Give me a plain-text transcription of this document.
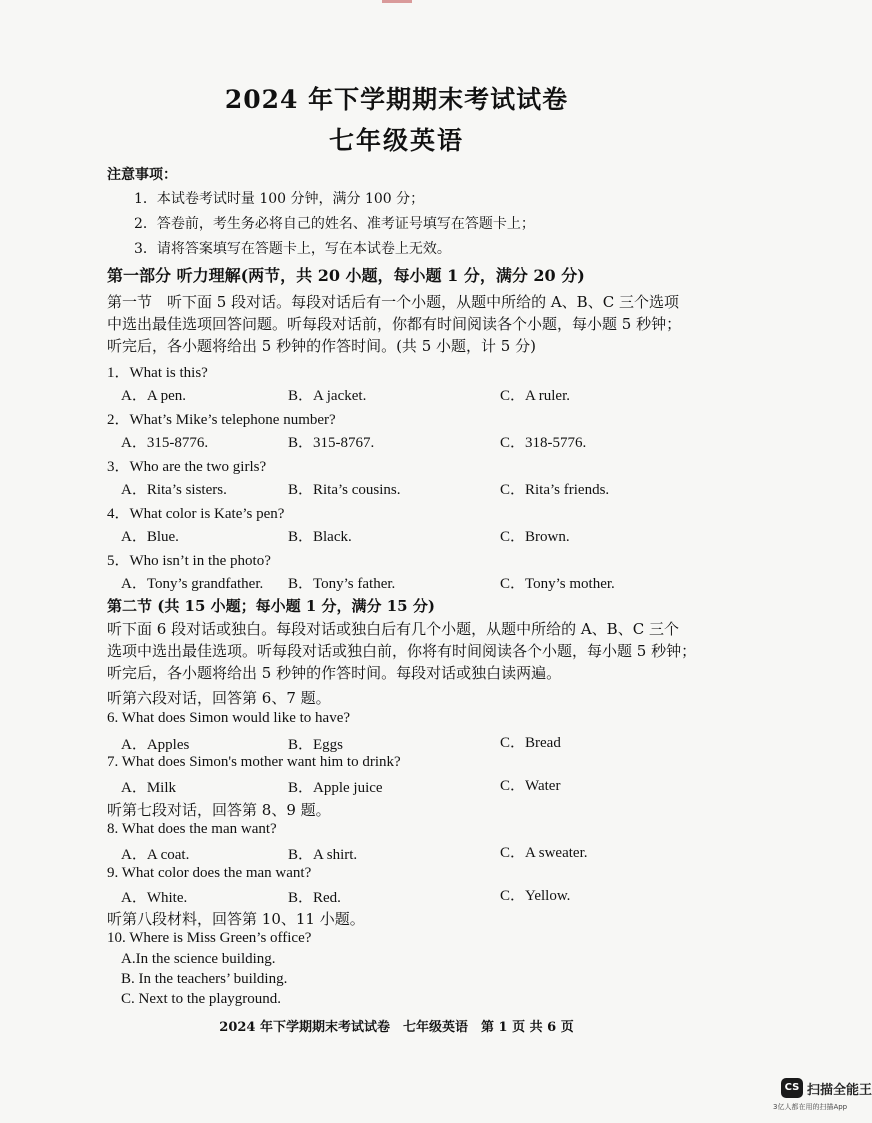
2024 年下学期期末考试试卷
七年级英语
注意事项：
1．本试卷考试时量 100 分钟，满分 100 分；
2．答卷前，考生务必将自己的姓名、准考证号填写在答题卡上；
3．请将答案填写在答题卡上，写在本试卷上无效。
第一部分 听力理解(两节，共 20 小题，每小题 1 分，满分 20 分)
第一节　听下面 5 段对话。每段对话后有一个小题，从题中所给的 A、B、C 三个选项
中选出最佳选项回答问题。听每段对话前，你都有时间阅读各个小题，每小题 5 秒钟；
听完后，各小题将给出 5 秒钟的作答时间。(共 5 小题，计 5 分)
1．What is this?
A．A pen.	B．A jacket.	C．A ruler.
2．What’s Mike’s telephone number?
A．315-8776.	B．315-8767.	C．318-5776.
3．Who are the two girls?
A．Rita’s sisters.	B．Rita’s cousins.	C．Rita’s friends.
4．What color is Kate’s pen?
A．Blue.	B．Black.	C．Brown.
5．Who isn’t in the photo?
A．Tony’s grandfather. B．Tony’s father.	C．Tony’s mother.
第二节 (共 15 小题；每小题 1 分，满分 15 分)
听下面 6 段对话或独白。每段对话或独白后有几个小题，从题中所给的 A、B、C 三个
选项中选出最佳选项。听每段对话或独白前，你将有时间阅读各个小题，每小题 5 秒钟；
听完后，各小题将给出 5 秒钟的作答时间。每段对话或独白读两遍。
听第六段对话，回答第 6、7 题。
6. What does Simon would like to have?
A．Apples	B．Eggs	C．Bread
7. What does Simon's mother want him to drink?
A．Milk	B．Apple juice	C．Water
听第七段对话，回答第 8、9 题。
8. What does the man want?
A．A coat.	B．A shirt.	C．A sweater.
9. What color does the man want?
A．White.	B．Red.	C．Yellow.
听第八段材料，回答第 10、11 小题。
10. Where is Miss Green’s office?
A.In the science building.
B. In the teachers’ building.
C. Next to the playground.
2024 年下学期期末考试试卷　七年级英语　第 1 页 共 6 页
CS 扫描全能王
3亿人都在用的扫描App
